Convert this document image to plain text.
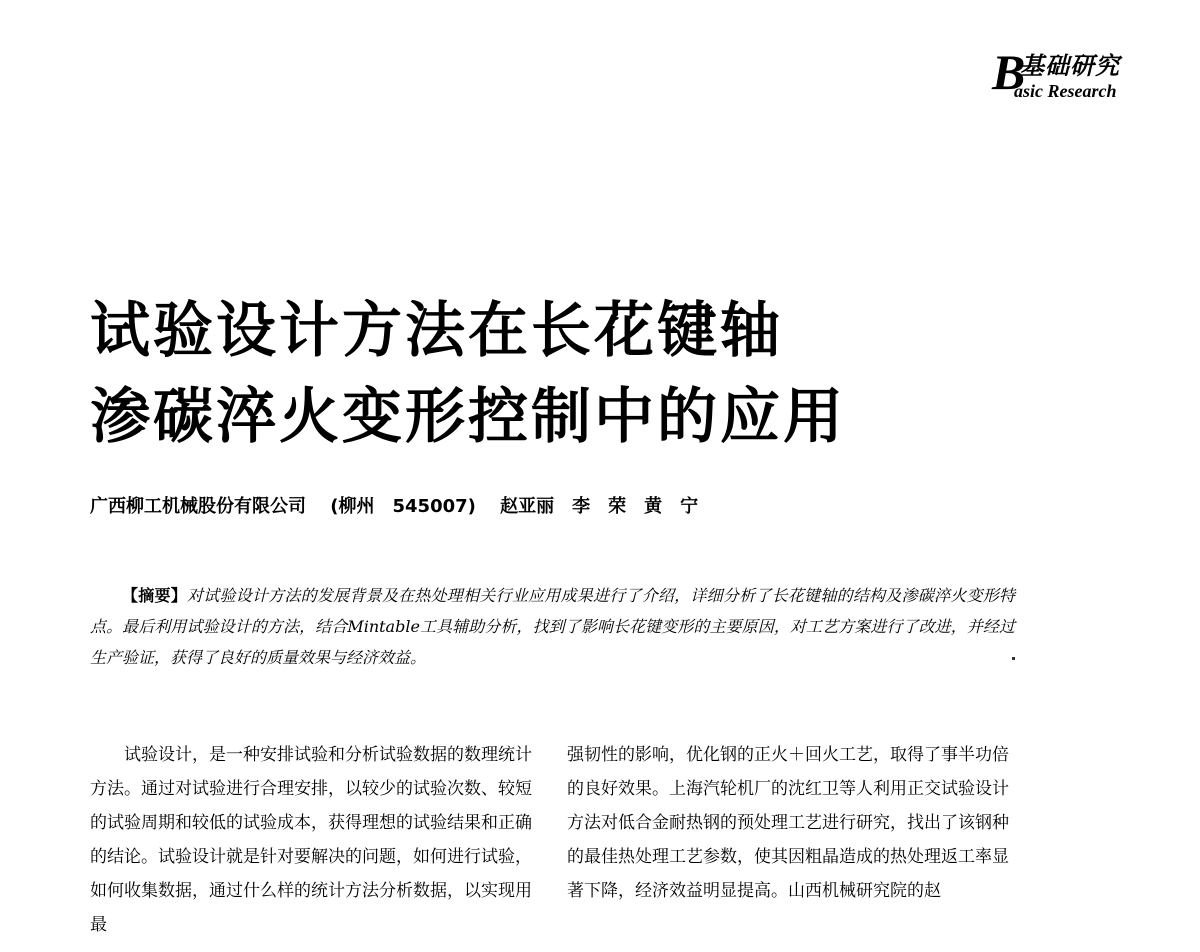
B
基础研究
asic Research
试验设计方法在长花键轴
渗碳淬火变形控制中的应用
广西柳工机械股份有限公司 (柳州　545007) 赵亚丽　李　荣　黄　宁
【摘要】对试验设计方法的发展背景及在热处理相关行业应用成果进行了介绍，详细分析了长花键轴的结构及渗碳淬火变形特点。最后利用试验设计的方法，结合Mintable工具辅助分析，找到了影响长花键变形的主要原因，对工艺方案进行了改进，并经过生产验证，获得了良好的质量效果与经济效益。
试验设计，是一种安排试验和分析试验数据的数理统计方法。通过对试验进行合理安排，以较少的试验次数、较短的试验周期和较低的试验成本，获得理想的试验结果和正确的结论。试验设计就是针对要解决的问题，如何进行试验，如何收集数据，通过什么样的统计方法分析数据，以实现用最
强韧性的影响，优化钢的正火＋回火工艺，取得了事半功倍的良好效果。上海汽轮机厂的沈红卫等人利用正交试验设计方法对低合金耐热钢的预处理工艺进行研究，找出了该钢种的最佳热处理工艺参数，使其因粗晶造成的热处理返工率显著下降，经济效益明显提高。山西机械研究院的赵
